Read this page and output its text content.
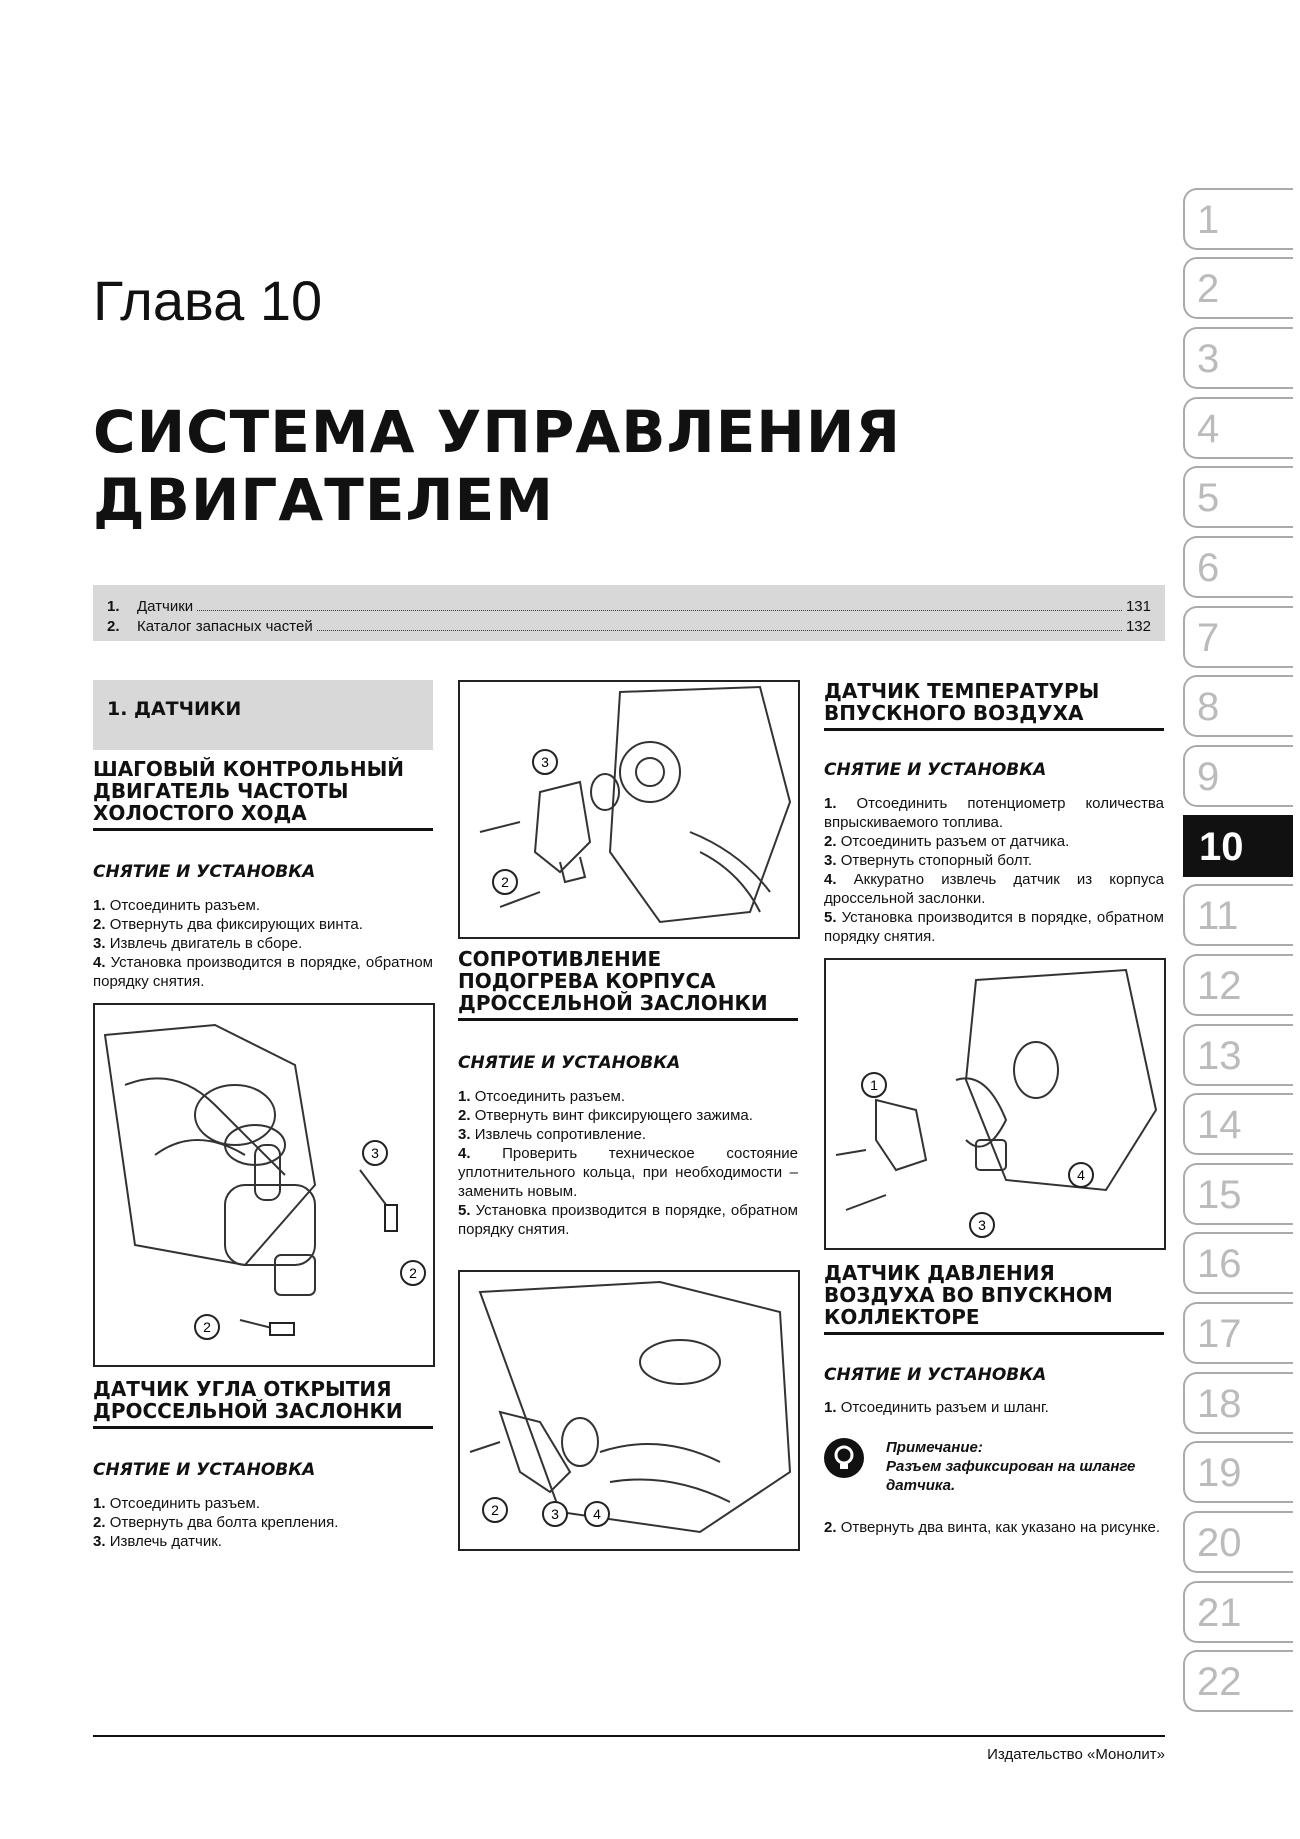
Глава 10
СИСТЕМА УПРАВЛЕНИЯ
ДВИГАТЕЛЕМ
1.	Датчики	131
2.	Каталог запасных частей	132
1. ДАТЧИКИ
ШАГОВЫЙ КОНТРОЛЬНЫЙ
ДВИГАТЕЛЬ ЧАСТОТЫ
ХОЛОСТОГО ХОДА
СНЯТИЕ И УСТАНОВКА

1. Отсоединить разъем.

2. Отвернуть два фиксирующих винта.

3. Извлечь двигатель в сборе.

4. Установка производится в порядке, обратном порядку снятия.

3
2
2
ДАТЧИК УГЛА ОТКРЫТИЯ
ДРОССЕЛЬНОЙ ЗАСЛОНКИ
СНЯТИЕ И УСТАНОВКА

1. Отсоединить разъем.

2. Отвернуть два болта крепления.

3. Извлечь датчик.

3
2
СОПРОТИВЛЕНИЕ
ПОДОГРЕВА КОРПУСА
ДРОССЕЛЬНОЙ ЗАСЛОНКИ
СНЯТИЕ И УСТАНОВКА

1. Отсоединить разъем.

2. Отвернуть винт фиксирующего зажима.

3. Извлечь сопротивление.

4. Проверить техническое состояние уплотнительного кольца, при необходимости – заменить новым.

5. Установка производится в порядке, обратном порядку снятия.

2	3 4
ДАТЧИК ТЕМПЕРАТУРЫ
ВПУСКНОГО ВОЗДУХА
СНЯТИЕ И УСТАНОВКА

1. Отсоединить потенциометр количества впрыскиваемого топлива.

2. Отсоединить разъем от датчика.

3. Отвернуть стопорный болт.

4. Аккуратно извлечь датчик из корпуса дроссельной заслонки.

5. Установка производится в порядке, обратном порядку снятия.

1
4
3
ДАТЧИК ДАВЛЕНИЯ
ВОЗДУХА ВО ВПУСКНОМ
КОЛЛЕКТОРЕ
СНЯТИЕ И УСТАНОВКА

1. Отсоединить разъем и шланг.

Примечание:
Разъем зафиксирован на шланге датчика.

2. Отвернуть два винта, как указано на рисунке.

1
2
3
4
5
6
7
8
9
10
11
12
13
14
15
16
17
18
19
20
21
22
Издательство «Монолит»
